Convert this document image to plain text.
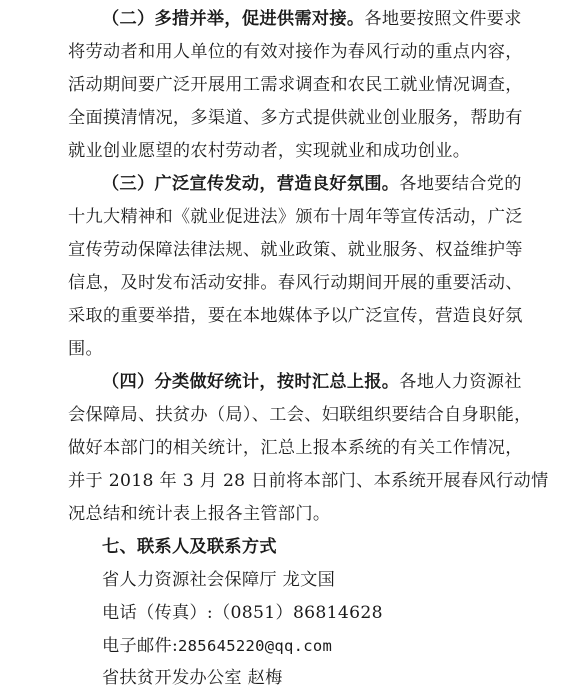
（二）多措并举，促进供需对接。各地要按照文件要求
将劳动者和用人单位的有效对接作为春风行动的重点内容，
活动期间要广泛开展用工需求调查和农民工就业情况调查，
全面摸清情况，多渠道、多方式提供就业创业服务，帮助有
就业创业愿望的农村劳动者，实现就业和成功创业。
（三）广泛宣传发动，营造良好氛围。各地要结合党的
十九大精神和《就业促进法》颁布十周年等宣传活动，广泛
宣传劳动保障法律法规、就业政策、就业服务、权益维护等
信息，及时发布活动安排。春风行动期间开展的重要活动、
采取的重要举措，要在本地媒体予以广泛宣传，营造良好氛
围。
（四）分类做好统计，按时汇总上报。各地人力资源社
会保障局、扶贫办（局）、工会、妇联组织要结合自身职能，
做好本部门的相关统计，汇总上报本系统的有关工作情况，
并于 2018 年 3 月 28 日前将本部门、本系统开展春风行动情
况总结和统计表上报各主管部门。
七、联系人及联系方式
省人力资源社会保障厅 龙文国
电话（传真）:（0851）86814628
电子邮件:285645220@qq.com
省扶贫开发办公室 赵梅
